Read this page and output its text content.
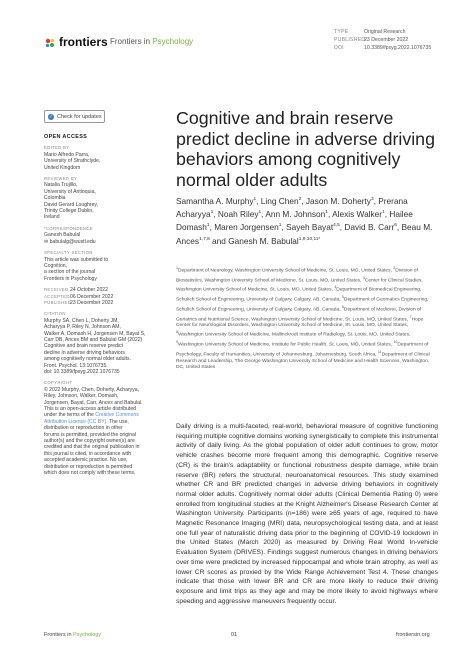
frontiers Frontiers in Psychology
TYPE	Original Research
PUBLISHED23 December 2022
DOI	10.3389/fpsyg.2022.1076735
✓ Check for updates
OPEN ACCESS
EDITED BY

Mario Alfredo Parra,

University of Strathclyde,

United Kingdom

REVIEWED BY

Natalia Trujillo,

University of Antioquia,

Colombia

David Gerard Loughrey,

Trinity College Dublin,

Ireland

*CORRESPONDENCE

Ganesh Babulal

✉ babulalg@wustl.edu

SPECIALTY SECTION

This article was submitted to

Cognition,

a section of the journal

Frontiers in Psychology

RECEIVED 24 October 2022

ACCEPTED06 December 2022

PUBLISHED23 December 2022

CITATION

Murphy SA, Chen L, Doherty JM,

Acharyya P, Riley N, Johnson AM,

Walker A, Domash H, Jorgensen M, Bayat S,

Carr DB, Ances BM and Babulal GM (2022)

Cognitive and brain reserve predict

decline in adverse driving behaviors

among cognitively normal older adults.

Front. Psychol. 13:1076735.

doi: 10.3389/fpsyg.2022.1076735

COPYRIGHT

© 2022 Murphy, Chen, Doherty, Acharyya,

Riley, Johnson, Walker, Domash,

Jorgensen, Bayat, Carr, Ances and Babulal.

This is an open-access article distributed

under the terms of the Creative Commons

Attribution License (CC BY). The use,

distribution or reproduction in other

forums is permitted, provided the original

author(s) and the copyright owner(s) are

credited and that the original publication in

this journal is cited, in accordance with

accepted academic practice. No use,

distribution or reproduction is permitted

which does not comply with these terms.

Cognitive and brain reserve
predict decline in adverse driving
behaviors among cognitively
normal older adults
Samantha A. Murphy$^1$, Ling Chen$^2$, Jason M. Doherty$^3$, Prerana Acharyya$^1$, Noah Riley$^1$, Ann M. Johnson$^1$, Alexis Walker$^1$, Hailee Domash$^1$, Maren Jorgensen$^1$, Sayeh Bayat$^{4,5}$, David B. Carr$^6$, Beau M. Ances$^{1,7,8}$ and Ganesh M. Babulal$^{1,9,10,11*}$
$^1$Department of Neurology, Washington University School of Medicine, St. Louis, MO, United States, $^2$Division of Biostatistics, Washington University School of Medicine, St. Louis, MO, United States, $^3$Center for Clinical Studies, Washington University School of Medicine, St. Louis, MO, United States, $^4$Department of Biomedical Engineering, Schulich School of Engineering, University of Calgary, Calgary, AB, Canada, $^5$Department of Geomatics Engineering, Schulich School of Engineering, University of Calgary, Calgary, AB, Canada, $^6$Department of Medicine, Division of Geriatrics and Nutritional Science, Washington University School of Medicine, St. Louis, MO, United States, $^7$Hope Center for Neurological Disorders, Washington University School of Medicine, St. Louis, MO, United States, $^8$Washington University School of Medicine, Mallinckrodt Institute of Radiology, St. Louis, MO, United States, $^9$Washington University School of Medicine, Institute for Public Health, St. Louis, MO, United States, $^{10}$Department of Psychology, Faculty of Humanities, University of Johannesburg, Johannesburg, South Africa, $^{11}$Department of Clinical Research and Leadership, The George Washington University School of Medicine and Health Sciences, Washington, DC, United States
Daily driving is a multi-faceted, real-world, behavioral measure of cognitive functioning requiring multiple cognitive domains working synergistically to complete this instrumental activity of daily living. As the global population of older adult continues to grow, motor vehicle crashes become more frequent among this demographic. Cognitive reserve (CR) is the brain's adaptability or functional robustness despite damage, while brain reserve (BR) refers the structural, neuroanatomical resources. This study examined whether CR and BR predicted changes in adverse driving behaviors in cognitively normal older adults. Cognitively normal older adults (Clinical Dementia Rating 0) were enrolled from longitudinal studies at the Knight Alzheimer's Disease Research Center at Washington University. Participants (n=186) were ≥65 years of age, required to have Magnetic Resonance Imaging (MRI) data, neuropsychological testing data, and at least one full year of naturalistic driving data prior to the beginning of COVID-19 lockdown in the United States (March 2020) as measured by Driving Real World In-vehicle Evaluation System (DRIVES). Findings suggest numerous changes in driving behaviors over time were predicted by increased hippocampal and whole brain atrophy, as well as lower CR scores as proxied by the Wide Range Achievement Test 4. These changes indicate that those with lower BR and CR are more likely to reduce their driving exposure and limit trips as they age and may be more likely to avoid highways where speeding and aggressive maneuvers frequently occur.
Frontiers in Psychology	01	frontiersin.org
